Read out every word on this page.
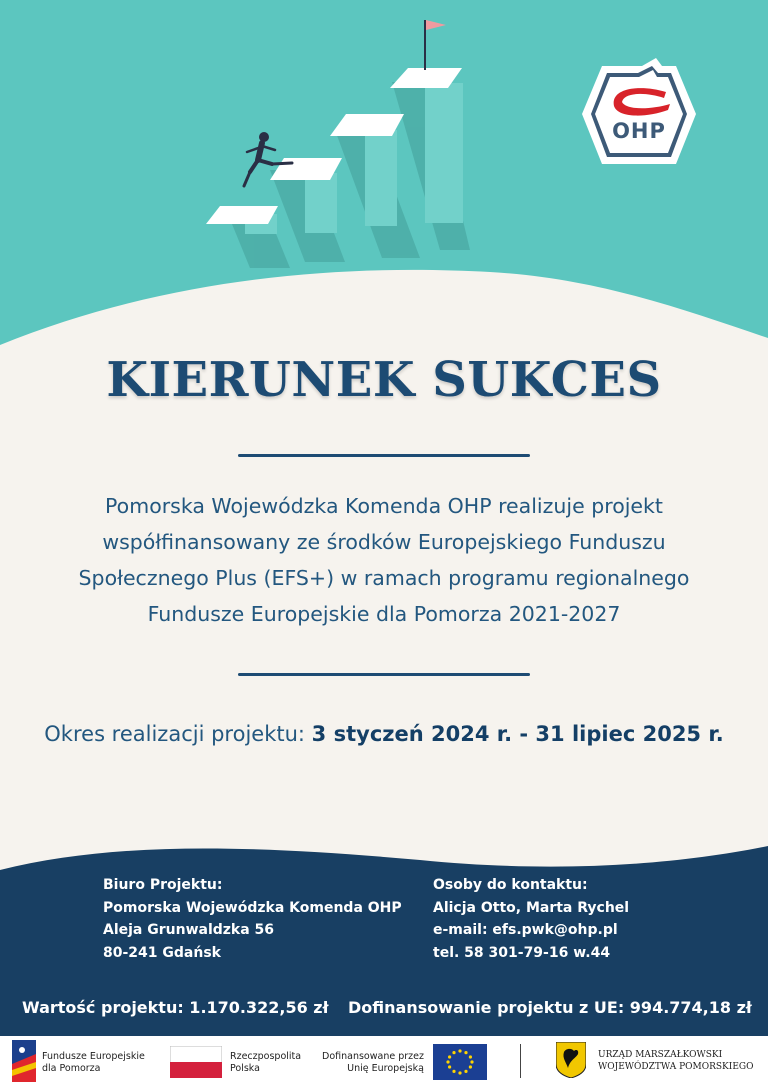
OHP
KIERUNEK SUKCES
Pomorska Wojewódzka Komenda OHP realizuje projekt
współfinansowany ze środków Europejskiego Funduszu
Społecznego Plus (EFS+) w ramach programu regionalnego
Fundusze Europejskie dla Pomorza 2021-2027

Okres realizacji projektu: 3 styczeń 2024 r. - 31 lipiec 2025 r.

Biuro Projektu:
Pomorska Wojewódzka Komenda OHP
Aleja Grunwaldzka 56
80-241 Gdańsk
Osoby do kontaktu:
Alicja Otto, Marta Rychel
e-mail: efs.pwk@ohp.pl
tel. 58 301-79-16 w.44
Wartość projektu: 1.170.322,56 zł Dofinansowanie projektu z UE: 994.774,18 zł
Fundusze Europejskie
dla Pomorza
Rzeczpospolita
Polska
Dofinansowane przez
Unię Europejską
URZĄD MARSZAŁKOWSKI
WOJEWÓDZTWA POMORSKIEGO
